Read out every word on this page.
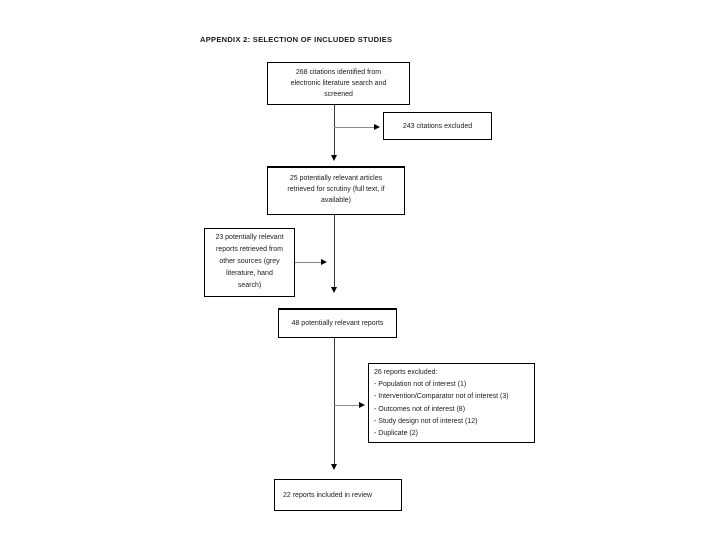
APPENDIX 2: SELECTION OF INCLUDED STUDIES
268 citations identified from
electronic literature search and
screened
243 citations excluded
25 potentially relevant articles
retrieved for scrutiny (full text, if
available)
23 potentially relevant
reports retrieved from
other sources (grey
literature, hand
search)
48 potentially relevant reports
26 reports excluded:
- Population not of interest (1)
- Intervention/Comparator not of interest (3)
- Outcomes not of interest (8)
- Study design not of interest (12)
- Duplicate (2)
22 reports included in review
